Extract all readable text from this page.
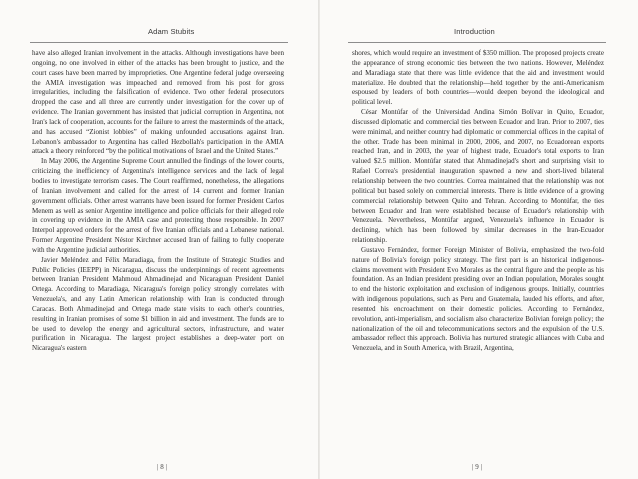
Adam Stubits

have also alleged Iranian involvement in the attacks. Although investigations have been ongoing, no one involved in either of the attacks has been brought to justice, and the court cases have been marred by improprieties. One Argentine federal judge overseeing the AMIA investigation was impeached and removed from his post for gross irregularities, including the falsification of evidence. Two other federal prosecutors dropped the case and all three are currently under investigation for the cover up of evidence. The Iranian government has insisted that judicial corruption in Argentina, not Iran's lack of cooperation, accounts for the failure to arrest the masterminds of the attack, and has accused “Zionist lobbies” of making unfounded accusations against Iran. Lebanon's ambassador to Argentina has called Hezbollah's participation in the AMIA attack a theory reinforced “by the political motivations of Israel and the United States.”

In May 2006, the Argentine Supreme Court annulled the findings of the lower courts, criticizing the inefficiency of Argentina's intelligence services and the lack of legal bodies to investigate terrorism cases. The Court reaffirmed, nonetheless, the allegations of Iranian involvement and called for the arrest of 14 current and former Iranian government officials. Other arrest warrants have been issued for former President Carlos Menem as well as senior Argentine intelligence and police officials for their alleged role in covering up evidence in the AMIA case and protecting those responsible. In 2007 Interpol approved orders for the arrest of five Iranian officials and a Lebanese national. Former Argentine President Néstor Kirchner accused Iran of failing to fully cooperate with the Argentine judicial authorities.

Javier Meléndez and Félix Maradiaga, from the Institute of Strategic Studies and Public Policies (IEEPP) in Nicaragua, discuss the underpinnings of recent agreements between Iranian President Mahmoud Ahmadinejad and Nicaraguan President Daniel Ortega. According to Maradiaga, Nicaragua's foreign policy strongly correlates with Venezuela's, and any Latin American relationship with Iran is conducted through Caracas. Both Ahmadinejad and Ortega made state visits to each other's countries, resulting in Iranian promises of some $1 billion in aid and investment. The funds are to be used to develop the energy and agricultural sectors, infrastructure, and water purification in Nicaragua. The largest project establishes a deep-water port on Nicaragua's eastern

| 8 |
Introduction

shores, which would require an investment of $350 million. The proposed projects create the appearance of strong economic ties between the two nations. However, Meléndez and Maradiaga state that there was little evidence that the aid and investment would materialize. He doubted that the relationship—held together by the anti-Americanism espoused by leaders of both countries—would deepen beyond the ideological and political level.

César Montúfar of the Universidad Andina Simón Bolívar in Quito, Ecuador, discussed diplomatic and commercial ties between Ecuador and Iran. Prior to 2007, ties were minimal, and neither country had diplomatic or commercial offices in the capital of the other. Trade has been minimal in 2000, 2006, and 2007, no Ecuadorean exports reached Iran, and in 2003, the year of highest trade, Ecuador's total exports to Iran valued $2.5 million. Montúfar stated that Ahmadinejad's short and surprising visit to Rafael Correa's presidential inauguration spawned a new and short-lived bilateral relationship between the two countries. Correa maintained that the relationship was not political but based solely on commercial interests. There is little evidence of a growing commercial relationship between Quito and Tehran. According to Montúfar, the ties between Ecuador and Iran were established because of Ecuador's relationship with Venezuela. Nevertheless, Montúfar argued, Venezuela's influence in Ecuador is declining, which has been followed by similar decreases in the Iran-Ecuador relationship.

Gustavo Fernández, former Foreign Minister of Bolivia, emphasized the two-fold nature of Bolivia's foreign policy strategy. The first part is an historical indigenous-claims movement with President Evo Morales as the central figure and the people as his foundation. As an Indian president presiding over an Indian population, Morales sought to end the historic exploitation and exclusion of indigenous groups. Initially, countries with indigenous populations, such as Peru and Guatemala, lauded his efforts, and after, resented his encroachment on their domestic policies. According to Fernández, revolution, anti-imperialism, and socialism also characterize Bolivian foreign policy; the nationalization of the oil and telecommunications sectors and the expulsion of the U.S. ambassador reflect this approach. Bolivia has nurtured strategic alliances with Cuba and Venezuela, and in South America, with Brazil, Argentina,

| 9 |
